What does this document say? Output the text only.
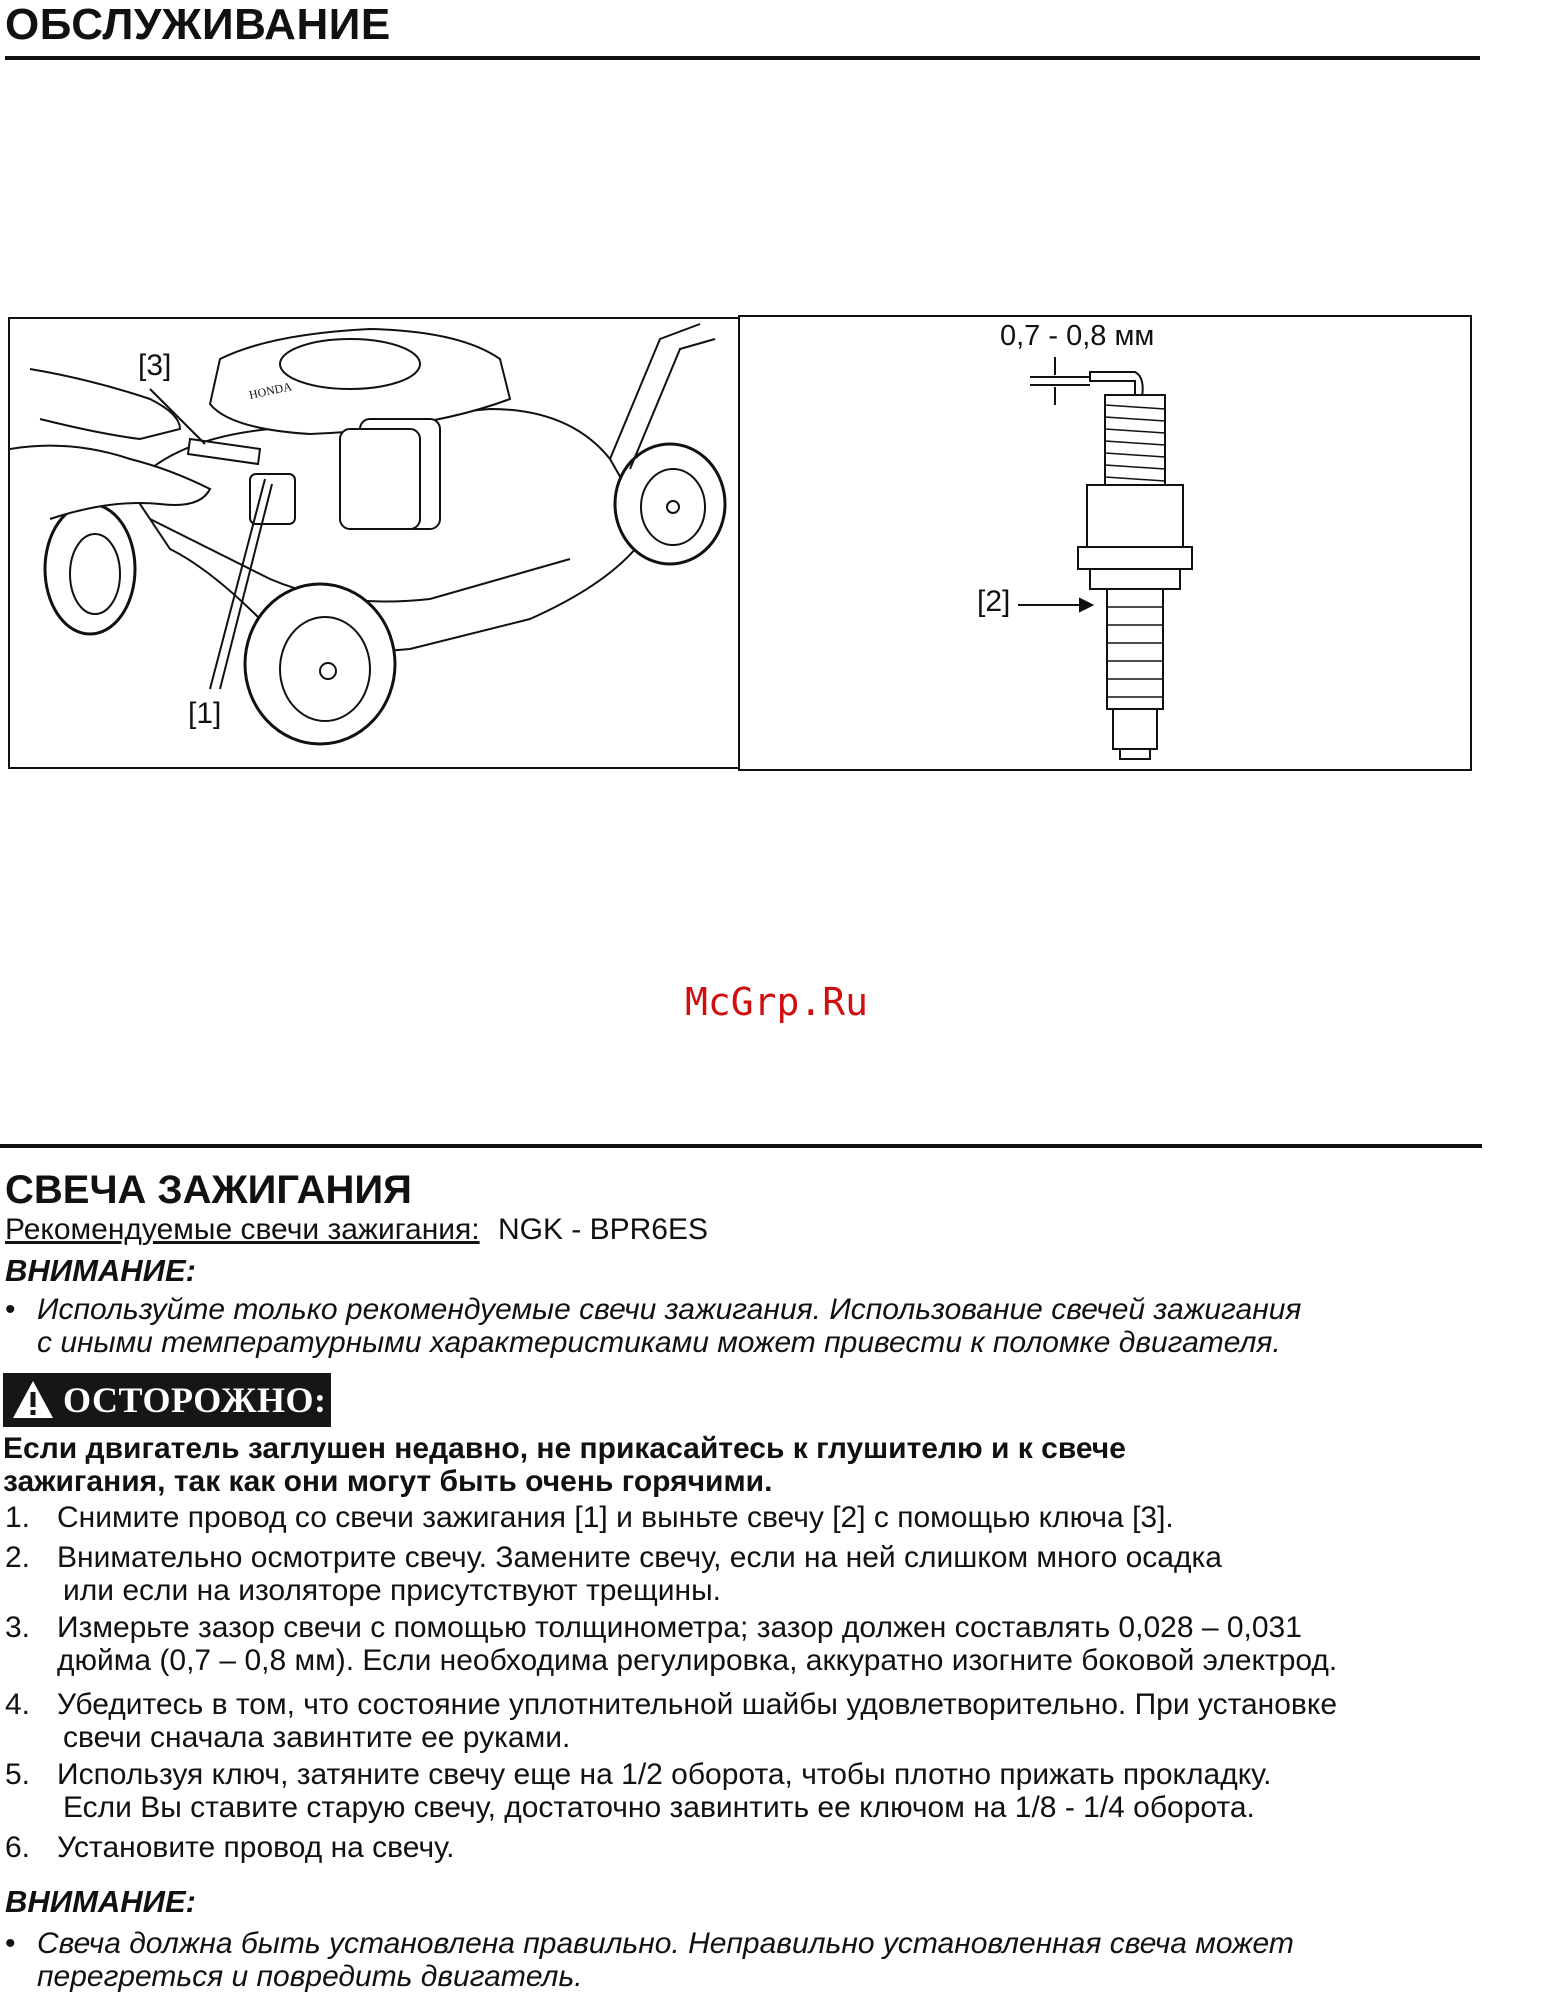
ОБСЛУЖИВАНИЕ
HONDA
[3]
[1]
0,7 - 0,8 мм
[2]
McGrp.Ru
СВЕЧА ЗАЖИГАНИЯ
Рекомендуемые свечи зажигания: NGK - BPR6ES
ВНИМАНИЕ:
• Используйте только рекомендуемые свечи зажигания. Использование свечей зажигания
с иными температурными характеристиками может привести к поломке двигателя.
ОСТОРОЖНО:
Если двигатель заглушен недавно, не прикасайтесь к глушителю и к свече
зажигания, так как они могут быть очень горячими.
1. Снимите провод со свечи зажигания [1] и выньте свечу [2] с помощью ключа [3].
2. Внимательно осмотрите свечу. Замените свечу, если на ней слишком много осадка
или если на изоляторе присутствуют трещины.
3. Измерьте зазор свечи с помощью толщинометра; зазор должен составлять 0,028 – 0,031
дюйма (0,7 – 0,8 мм). Если необходима регулировка, аккуратно изогните боковой электрод.
4. Убедитесь в том, что состояние уплотнительной шайбы удовлетворительно. При установке
свечи сначала завинтите ее руками.
5. Используя ключ, затяните свечу еще на 1/2 оборота, чтобы плотно прижать прокладку.
Если Вы ставите старую свечу, достаточно завинтить ее ключом на 1/8 - 1/4 оборота.
6. Установите провод на свечу.
ВНИМАНИЕ:
• Свеча должна быть установлена правильно. Неправильно установленная свеча может
перегреться и повредить двигатель.
